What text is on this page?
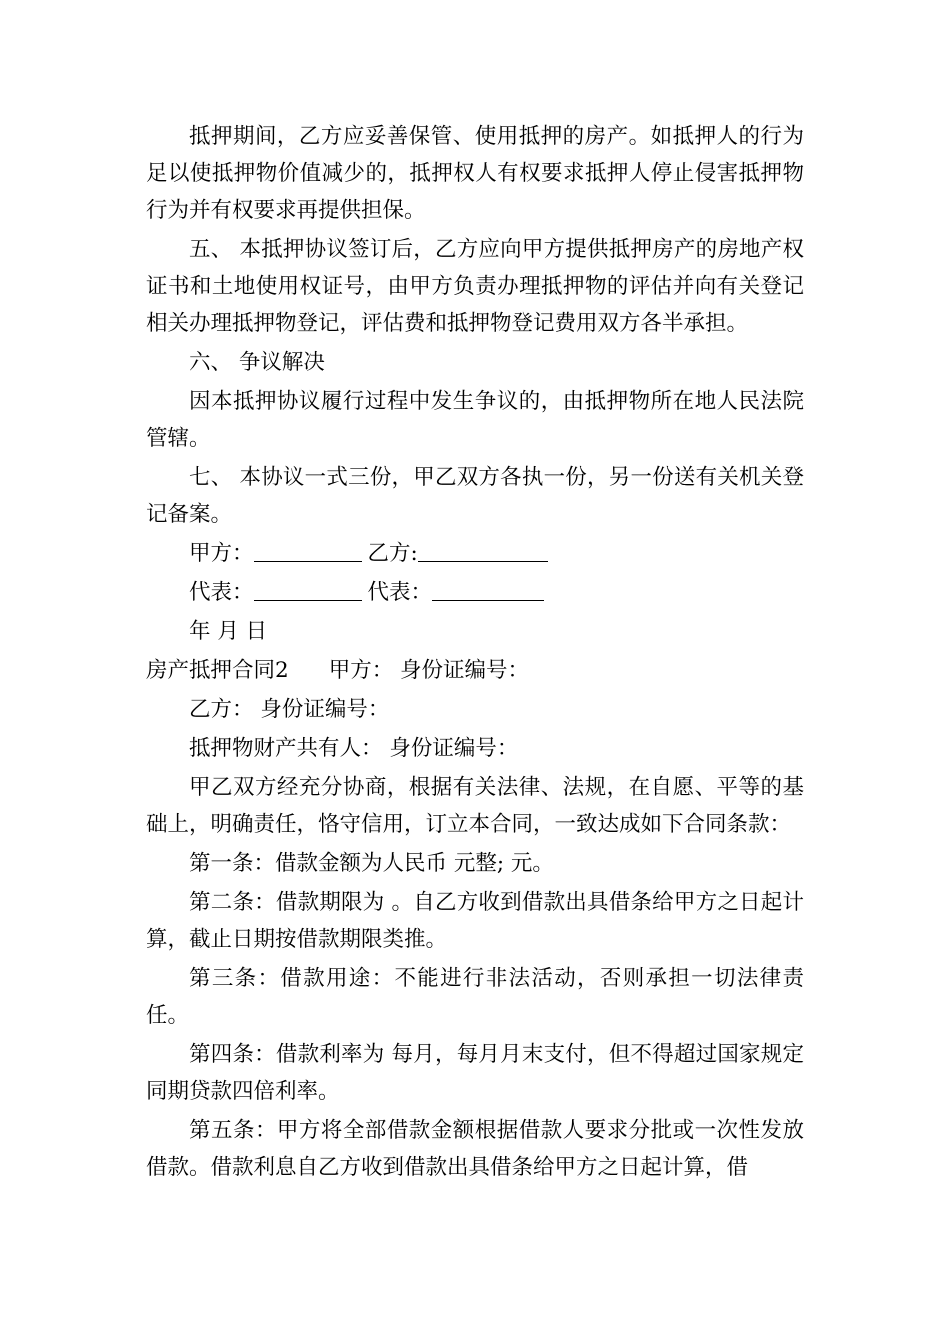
抵押期间，乙方应妥善保管、使用抵押的房产。如抵押人的行为足以使抵押物价值减少的，抵押权人有权要求抵押人停止侵害抵押物行为并有权要求再提供担保。

五、 本抵押协议签订后，乙方应向甲方提供抵押房产的房地产权证书和土地使用权证号，由甲方负责办理抵押物的评估并向有关登记相关办理抵押物登记，评估费和抵押物登记费用双方各半承担。

六、 争议解决

因本抵押协议履行过程中发生争议的，由抵押物所在地人民法院管辖。

七、 本协议一式三份，甲乙双方各执一份，另一份送有关机关登记备案。

甲方：	乙方:
代表：	代表：
年 月 日
房产抵押合同2 甲方： 身份证编号：
乙方： 身份证编号：
抵押物财产共有人： 身份证编号：

甲乙双方经充分协商，根据有关法律、法规，在自愿、平等的基础上，明确责任，恪守信用，订立本合同，一致达成如下合同条款：

第一条：借款金额为人民币 元整; 元。

第二条：借款期限为 。自乙方收到借款出具借条给甲方之日起计算，截止日期按借款期限类推。

第三条：借款用途：不能进行非法活动，否则承担一切法律责任。

第四条：借款利率为 每月，每月月末支付，但不得超过国家规定同期贷款四倍利率。

第五条：甲方将全部借款金额根据借款人要求分批或一次性发放借款。借款利息自乙方收到借款出具借条给甲方之日起计算，借
